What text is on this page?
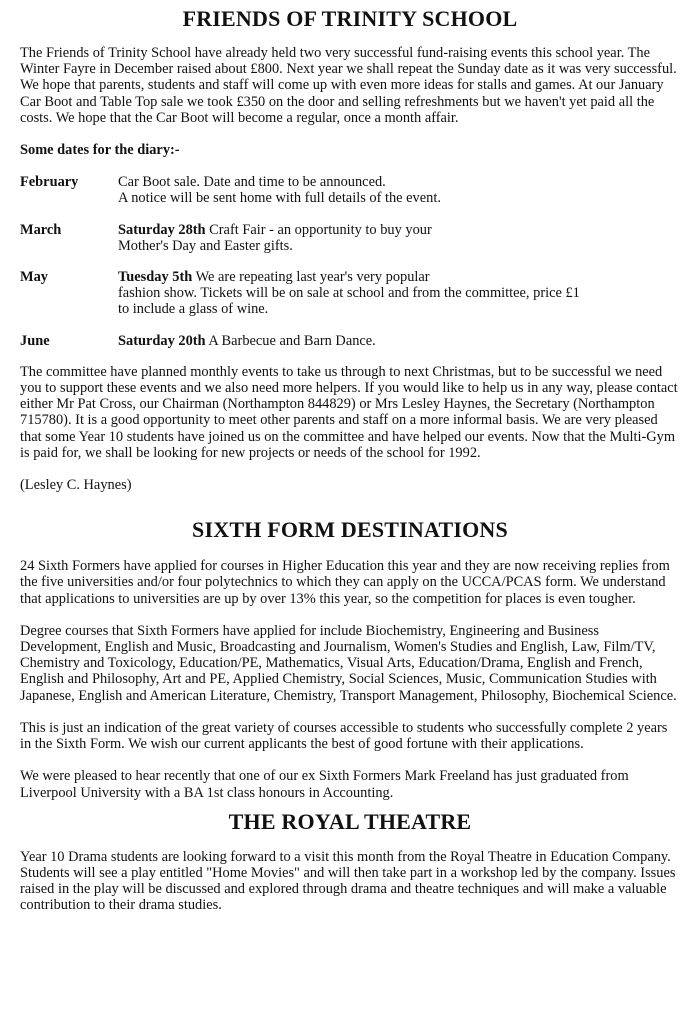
FRIENDS OF TRINITY SCHOOL

The Friends of Trinity School have already held two very successful fund-raising events this school year. The Winter Fayre in December raised about £800. Next year we shall repeat the Sunday date as it was very successful. We hope that parents, students and staff will come up with even more ideas for stalls and games. At our January Car Boot and Table Top sale we took £350 on the door and selling refreshments but we haven't yet paid all the costs. We hope that the Car Boot will become a regular, once a month affair.

Some dates for the diary:-

February	Car Boot sale. Date and time to be announced.
A notice will be sent home with full details of the event.
March	Saturday 28th Craft Fair - an opportunity to buy your
Mother's Day and Easter gifts.
May	Tuesday 5th We are repeating last year's very popular
fashion show. Tickets will be on sale at school and from the committee, price £1
to include a glass of wine.
June	Saturday 20th A Barbecue and Barn Dance.

The committee have planned monthly events to take us through to next Christmas, but to be successful we need you to support these events and we also need more helpers. If you would like to help us in any way, please contact either Mr Pat Cross, our Chairman (Northampton 844829) or Mrs Lesley Haynes, the Secretary (Northampton 715780). It is a good opportunity to meet other parents and staff on a more informal basis. We are very pleased that some Year 10 students have joined us on the committee and have helped our events. Now that the Multi-Gym is paid for, we shall be looking for new projects or needs of the school for 1992.

(Lesley C. Haynes)

SIXTH FORM DESTINATIONS

24 Sixth Formers have applied for courses in Higher Education this year and they are now receiving replies from the five universities and/or four polytechnics to which they can apply on the UCCA/PCAS form. We understand that applications to universities are up by over 13% this year, so the competition for places is even tougher.

Degree courses that Sixth Formers have applied for include Biochemistry, Engineering and Business Development, English and Music, Broadcasting and Journalism, Women's Studies and English, Law, Film/TV, Chemistry and Toxicology, Education/PE, Mathematics, Visual Arts, Education/Drama, English and French, English and Philosophy, Art and PE, Applied Chemistry, Social Sciences, Music, Communication Studies with Japanese, English and American Literature, Chemistry, Transport Management, Philosophy, Biochemical Science.

This is just an indication of the great variety of courses accessible to students who successfully complete 2 years in the Sixth Form. We wish our current applicants the best of good fortune with their applications.

We were pleased to hear recently that one of our ex Sixth Formers Mark Freeland has just graduated from Liverpool University with a BA 1st class honours in Accounting.

THE ROYAL THEATRE

Year 10 Drama students are looking forward to a visit this month from the Royal Theatre in Education Company. Students will see a play entitled "Home Movies" and will then take part in a workshop led by the company. Issues raised in the play will be discussed and explored through drama and theatre techniques and will make a valuable contribution to their drama studies.
